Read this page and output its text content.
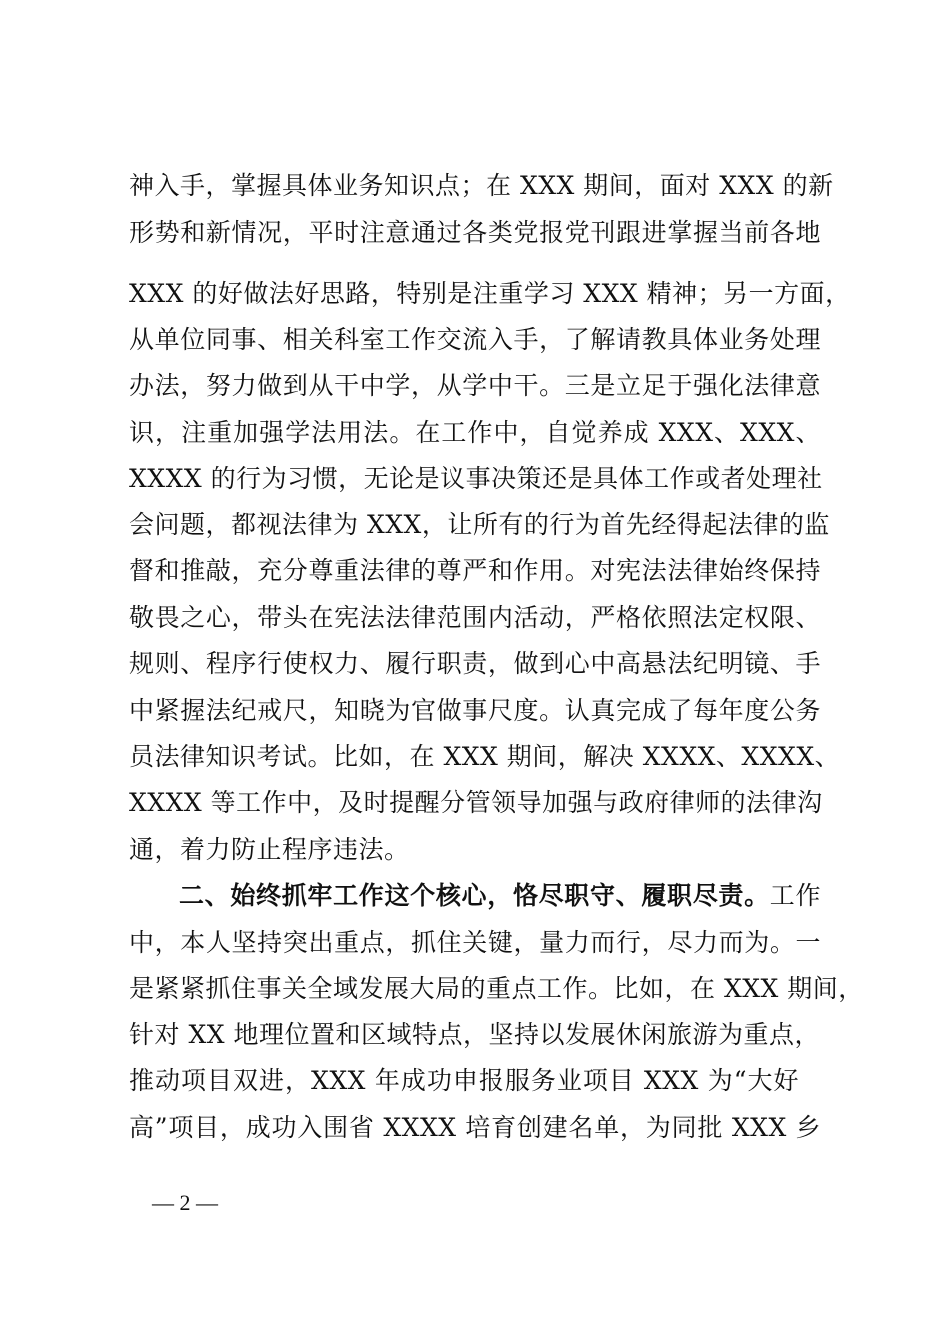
神入手，掌握具体业务知识点；在 XXX 期间，面对 XXX 的新
形势和新情况，平时注意通过各类党报党刊跟进掌握当前各地
XXX 的好做法好思路，特别是注重学习 XXX 精神；另一方面，
从单位同事、相关科室工作交流入手，了解请教具体业务处理
办法，努力做到从干中学，从学中干。三是立足于强化法律意
识，注重加强学法用法。在工作中，自觉养成 XXX、XXX、
XXXX 的行为习惯，无论是议事决策还是具体工作或者处理社
会问题，都视法律为 XXX，让所有的行为首先经得起法律的监
督和推敲，充分尊重法律的尊严和作用。对宪法法律始终保持
敬畏之心，带头在宪法法律范围内活动，严格依照法定权限、
规则、程序行使权力、履行职责，做到心中高悬法纪明镜、手
中紧握法纪戒尺，知晓为官做事尺度。认真完成了每年度公务
员法律知识考试。比如，在 XXX 期间，解决 XXXX、XXXX、
XXXX 等工作中，及时提醒分管领导加强与政府律师的法律沟
通，着力防止程序违法。
二、始终抓牢工作这个核心，恪尽职守、履职尽责。工作
中，本人坚持突出重点，抓住关键，量力而行，尽力而为。一
是紧紧抓住事关全域发展大局的重点工作。比如，在 XXX 期间，
针对 XX 地理位置和区域特点，坚持以发展休闲旅游为重点，
推动项目双进，XXX 年成功申报服务业项目 XXX 为“大好
高”项目，成功入围省 XXXX 培育创建名单，为同批 XXX 乡
— 2 —
